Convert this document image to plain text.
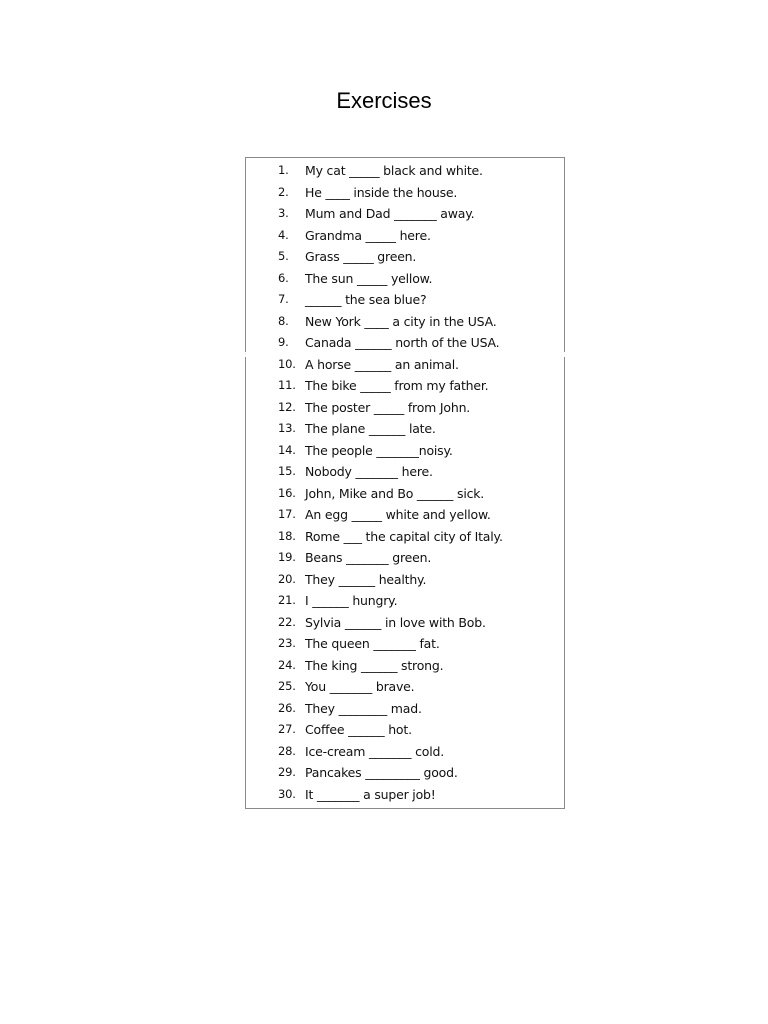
Exercises
1.	My cat _____ black and white.
2.	He ____ inside the house.
3.	Mum and Dad _______ away.
4.	Grandma _____ here.
5.	Grass _____ green.
6.	The sun _____ yellow.
7.	______ the sea blue?
8.	New York ____ a city in the USA.
9.	Canada ______ north of the USA.
10. A horse ______ an animal.
11. The bike _____ from my father.
12. The poster _____ from John.
13. The plane ______ late.
14. The people _______noisy.
15. Nobody _______ here.
16. John, Mike and Bo ______ sick.
17. An egg _____ white and yellow.
18. Rome ___ the capital city of Italy.
19. Beans _______ green.
20. They ______ healthy.
21. I ______ hungry.
22. Sylvia ______ in love with Bob.
23. The queen _______ fat.
24. The king ______ strong.
25. You _______ brave.
26. They ________ mad.
27. Coffee ______ hot.
28. Ice-cream _______ cold.
29. Pancakes _________ good.
30. It _______ a super job!
